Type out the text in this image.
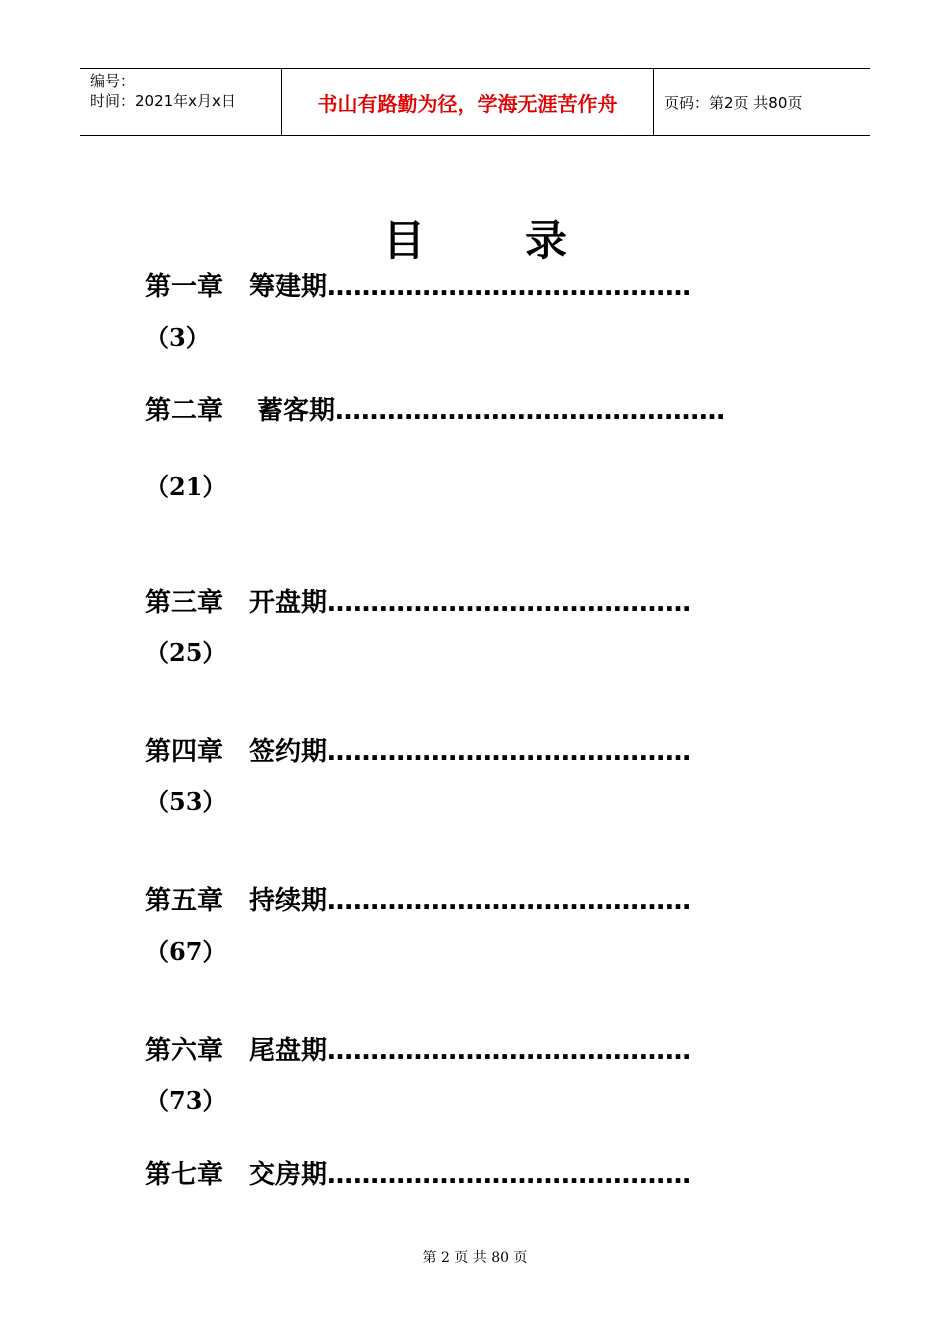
编号：
时间：2021年x月x日	书山有路勤为径，学海无涯苦作舟	页码：第2页 共80页
目 录
第一章 筹建期……………………………………
（3）
第二章 蓄客期………………………………………
（21）
第三章 开盘期……………………………………
（25）
第四章 签约期……………………………………
（53）
第五章 持续期……………………………………
（67）
第六章 尾盘期……………………………………
（73）
第七章 交房期……………………………………
第 2 页 共 80 页
